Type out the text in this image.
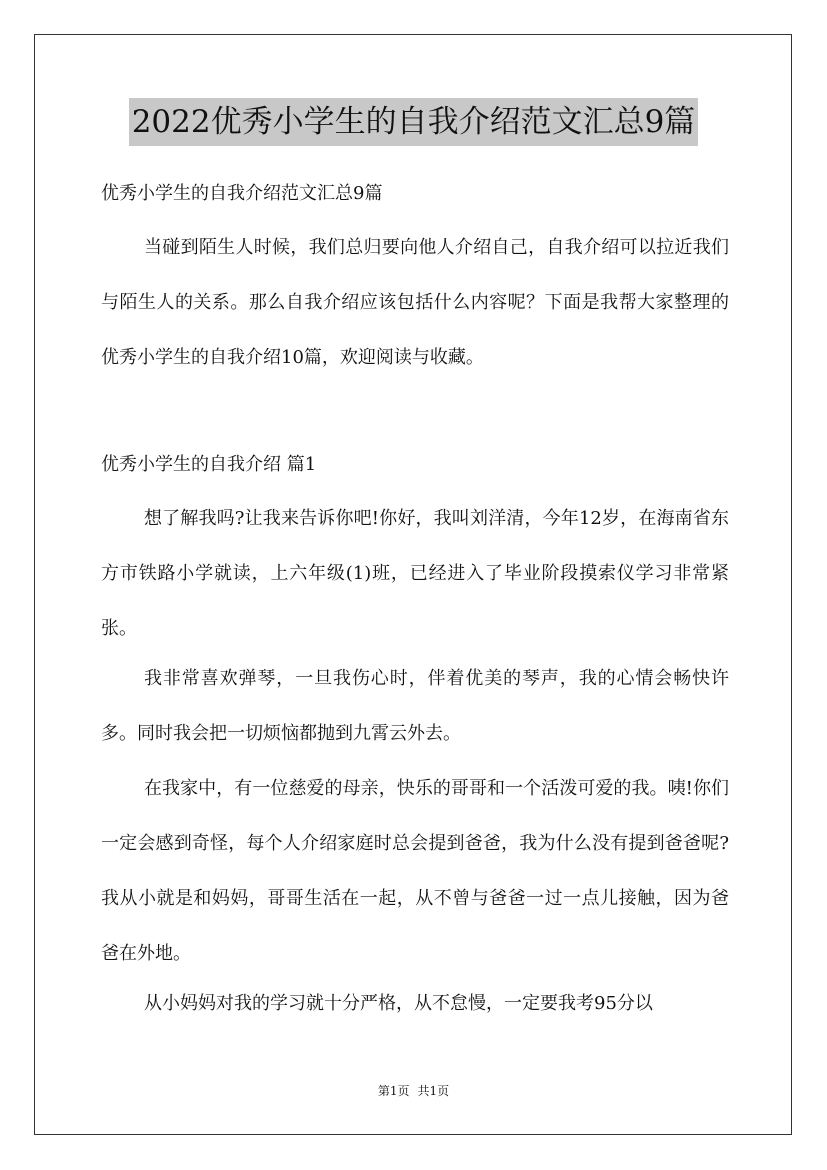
2022优秀小学生的自我介绍范文汇总9篇
优秀小学生的自我介绍范文汇总9篇

当碰到陌生人时候，我们总归要向他人介绍自己，自我介绍可以拉近我们与陌生人的关系。那么自我介绍应该包括什么内容呢？下面是我帮大家整理的优秀小学生的自我介绍10篇，欢迎阅读与收藏。

优秀小学生的自我介绍 篇1

想了解我吗?让我来告诉你吧!你好，我叫刘洋清，今年12岁，在海南省东方市铁路小学就读，上六年级(1)班，已经进入了毕业阶段摸索仪学习非常紧张。

我非常喜欢弹琴，一旦我伤心时，伴着优美的琴声，我的心情会畅快许多。同时我会把一切烦恼都抛到九霄云外去。

在我家中，有一位慈爱的母亲，快乐的哥哥和一个活泼可爱的我。咦!你们一定会感到奇怪，每个人介绍家庭时总会提到爸爸，我为什么没有提到爸爸呢?我从小就是和妈妈，哥哥生活在一起，从不曾与爸爸一过一点儿接触，因为爸爸在外地。

从小妈妈对我的学习就十分严格，从不怠慢，一定要我考95分以

第1页 共1页
